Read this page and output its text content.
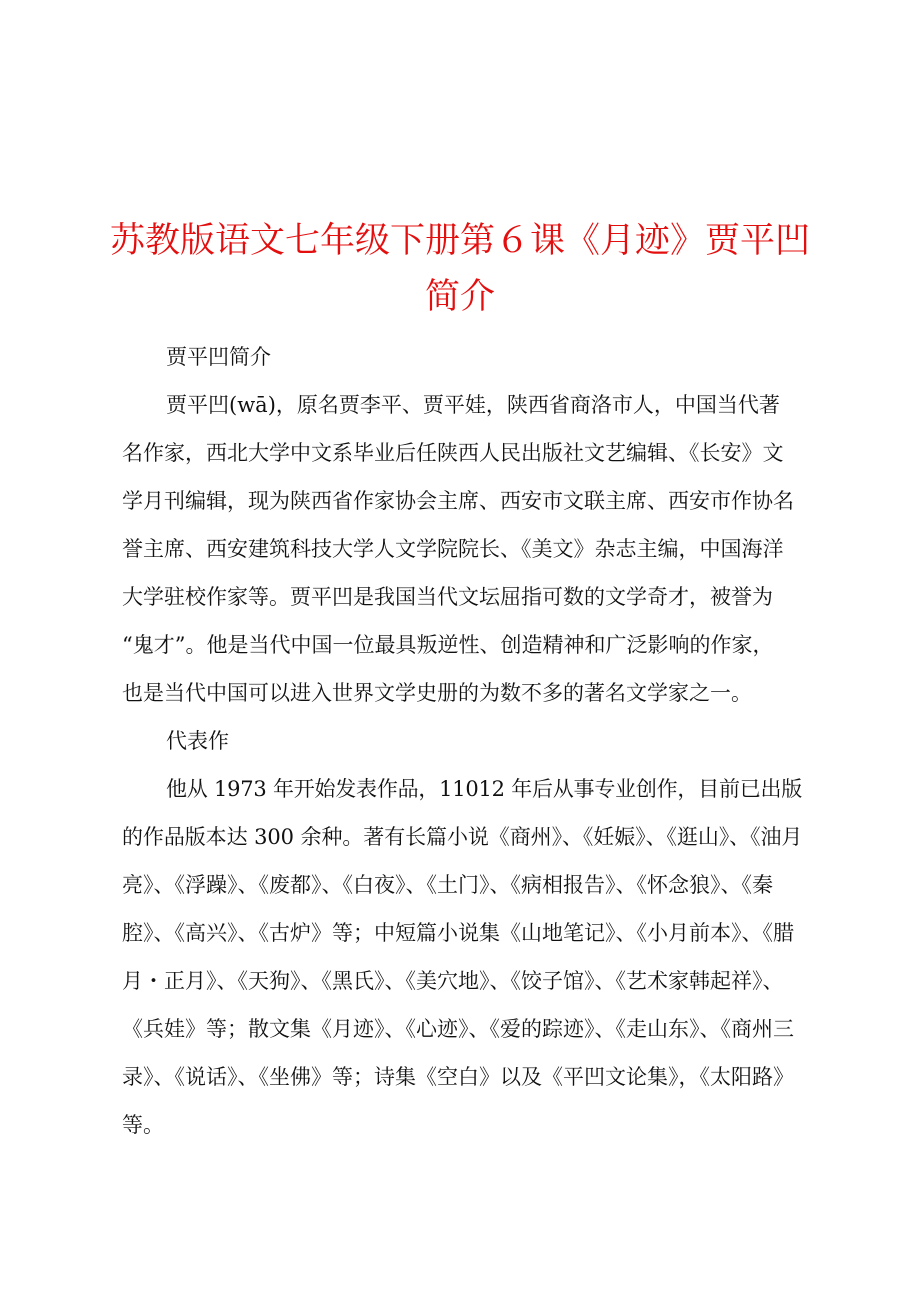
苏教版语文七年级下册第６课《月迹》贾平凹
简介
贾平凹简介
贾平凹(wā)，原名贾李平、贾平娃，陕西省商洛市人，中国当代著
名作家，西北大学中文系毕业后任陕西人民出版社文艺编辑、《长安》文
学月刊编辑，现为陕西省作家协会主席、西安市文联主席、西安市作协名
誉主席、西安建筑科技大学人文学院院长、《美文》杂志主编，中国海洋
大学驻校作家等。贾平凹是我国当代文坛屈指可数的文学奇才，被誉为
“鬼才”。他是当代中国一位最具叛逆性、创造精神和广泛影响的作家，
也是当代中国可以进入世界文学史册的为数不多的著名文学家之一。
代表作
他从 1973 年开始发表作品，11012 年后从事专业创作，目前已出版
的作品版本达 300 余种。著有长篇小说《商州》、《妊娠》、《逛山》、《油月
亮》、《浮躁》、《废都》、《白夜》、《土门》、《病相报告》、《怀念狼》、《秦
腔》、《高兴》、《古炉》等；中短篇小说集《山地笔记》、《小月前本》、《腊
月・正月》、《天狗》、《黑氏》、《美穴地》、《饺子馆》、《艺术家韩起祥》、
《兵娃》等；散文集《月迹》、《心迹》、《爱的踪迹》、《走山东》、《商州三
录》、《说话》、《坐佛》等；诗集《空白》以及《平凹文论集》，《太阳路》
等。
